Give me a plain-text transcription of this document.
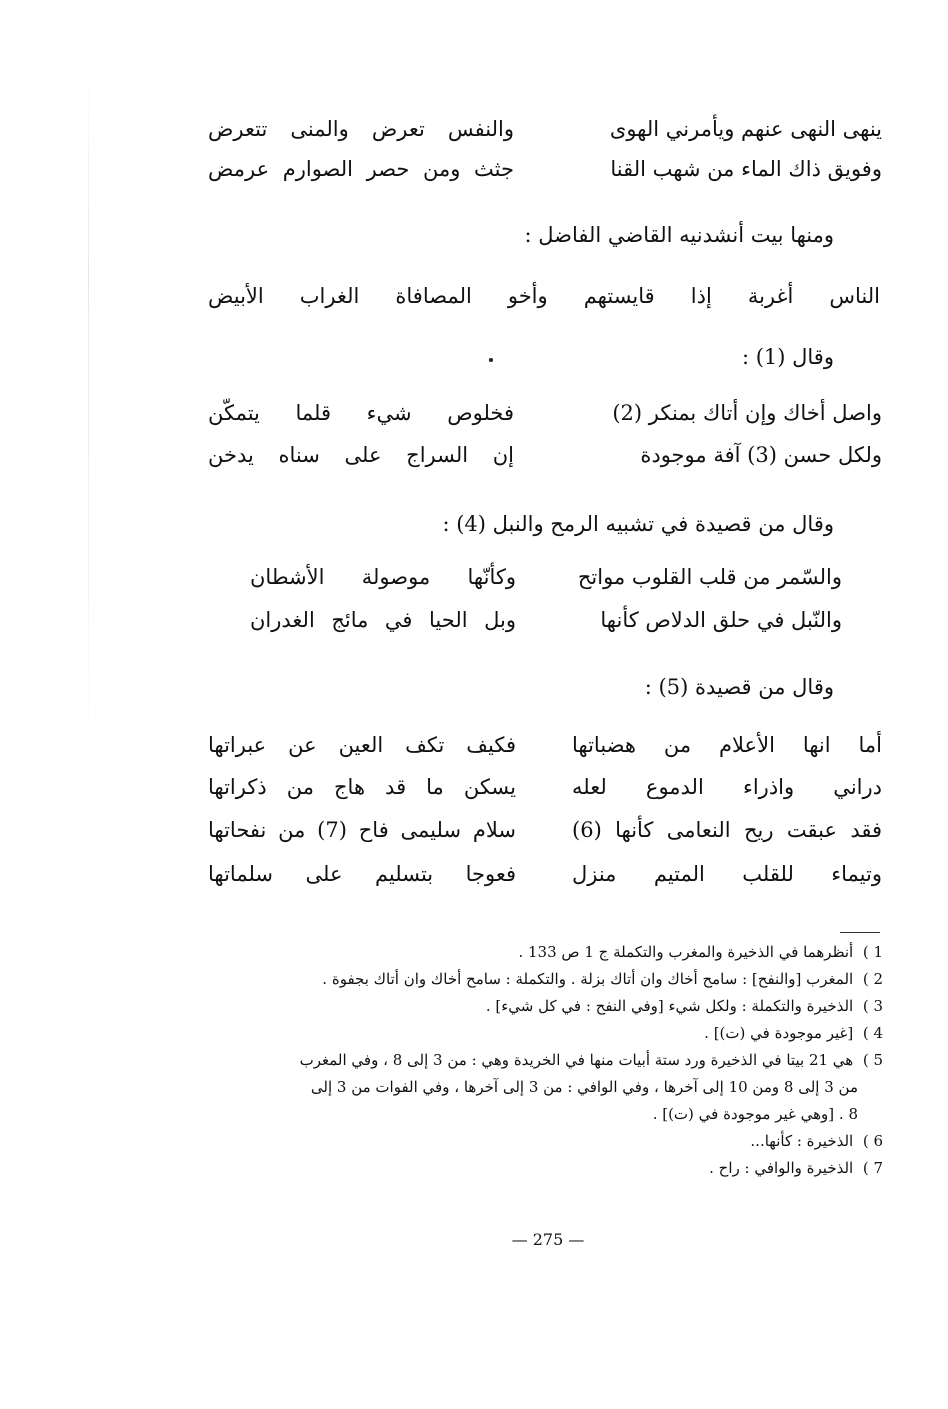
ينهى النهى عنهم ويأمرني الهوى
والنفس تعرض والمنى تتعرض
وفويق ذاك الماء من شهب القنا
جثث ومن حصر الصوارم عرمض
ومنها بيت أنشدنيه القاضي الفاضل :
الناس أغربة إذا قايستهم وأخو المصافاة الغراب الأبيض
وقال (1) :
واصل أخاك وإن أتاك بمنكر (2)
فخلوص شيء قلما يتمكّن
ولكل حسن (3) آفة موجودة
إن السراج على سناه يدخن
وقال من قصيدة في تشبيه الرمح والنبل (4) :
والسّمر من قلب القلوب مواتح
وكأنّها موصولة الأشطان
والنّبل في حلق الدلاص كأنها
وبل الحيا في مائج الغدران
وقال من قصيدة (5) :
أما انها الأعلام من هضباتها
فكيف تكف العين عن عبراتها
دراني واذراء الدموع لعله
يسكن ما قد هاج من ذكراتها
فقد عبقت ريح النعامى كأنها (6)
سلام سليمى فاح (7) من نفحاتها
وتيماء للقلب المتيم منزل
فعوجا بتسليم على سلماتها
1 ) أنظرهما في الذخيرة والمغرب والتكملة ج 1 ص 133 .
2 ) المغرب [والنفح] : سامح أخاك وان أتاك بزلة . والتكملة : سامح أخاك وان أتاك بجفوة .
3 ) الذخيرة والتكملة : ولكل شيء [وفي النفح : في كل شيء] .
4 ) [غير موجودة في (ت)] .
5 ) هي 21 بيتا في الذخيرة ورد ستة أبيات منها في الخريدة وهي : من 3 إلى 8 ، وفي المغرب
من 3 إلى 8 ومن 10 إلى آخرها ، وفي الوافي : من 3 إلى آخرها ، وفي الفوات من 3 إلى
8 . [وهي غير موجودة في (ت)] .
6 ) الذخيرة : كأنها...
7 ) الذخيرة والوافي : راح .
— 275 —
